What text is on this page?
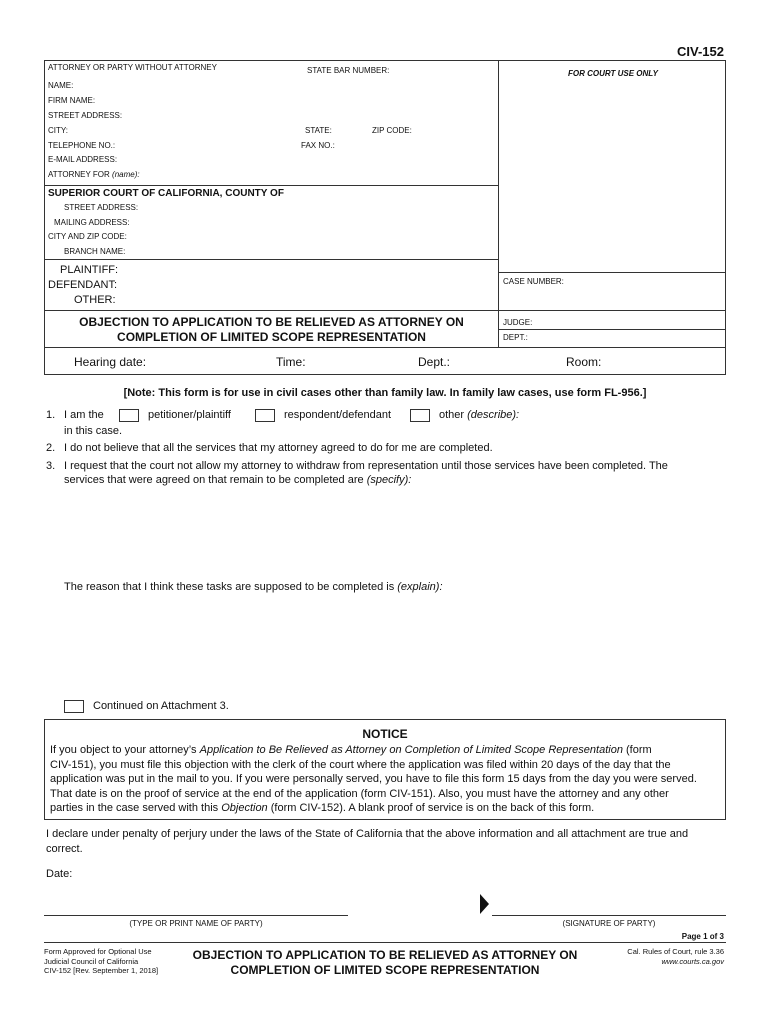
CIV-152
ATTORNEY OR PARTY WITHOUT ATTORNEY	STATE BAR NUMBER:	FOR COURT USE ONLY
NAME:
FIRM NAME:
STREET ADDRESS:
CITY:	STATE:	ZIP CODE:
TELEPHONE NO.:	FAX NO.:
E-MAIL ADDRESS:
ATTORNEY FOR (name):
SUPERIOR COURT OF CALIFORNIA, COUNTY OF
STREET ADDRESS:
MAILING ADDRESS:
CITY AND ZIP CODE:
BRANCH NAME:
PLAINTIFF:
DEFENDANT:
OTHER:
CASE NUMBER:
OBJECTION TO APPLICATION TO BE RELIEVED AS ATTORNEY ON
COMPLETION OF LIMITED SCOPE REPRESENTATION
JUDGE:
DEPT.:
Hearing date:	Time:	Dept.:	Room:
[Note: This form is for use in civil cases other than family law. In family law cases, use form FL-956.]
1. I am the	petitioner/plaintiff	respondent/defendant	other (describe):
in this case.
2. I do not believe that all the services that my attorney agreed to do for me are completed.
3. I request that the court not allow my attorney to withdraw from representation until those services have been completed. The
services that were agreed on that remain to be completed are (specify):
The reason that I think these tasks are supposed to be completed is (explain):
Continued on Attachment 3.
NOTICE
If you object to your attorney’s Application to Be Relieved as Attorney on Completion of Limited Scope Representation (form
CIV-151), you must file this objection with the clerk of the court where the application was filed within 20 days of the day that the
application was put in the mail to you. If you were personally served, you have to file this form 15 days from the day you were served.
That date is on the proof of service at the end of the application (form CIV-151). Also, you must have the attorney and any other
parties in the case served with this Objection (form CIV-152). A blank proof of service is on the back of this form.
I declare under penalty of perjury under the laws of the State of California that the above information and all attachment are true and
correct.
Date:
(TYPE OR PRINT NAME OF PARTY)	(SIGNATURE OF PARTY)
Page 1 of 3
Form Approved for Optional Use
Judicial Council of California
CIV-152 [Rev. September 1, 2018]
OBJECTION TO APPLICATION TO BE RELIEVED AS ATTORNEY ON
COMPLETION OF LIMITED SCOPE REPRESENTATION
Cal. Rules of Court, rule 3.36
www.courts.ca.gov
